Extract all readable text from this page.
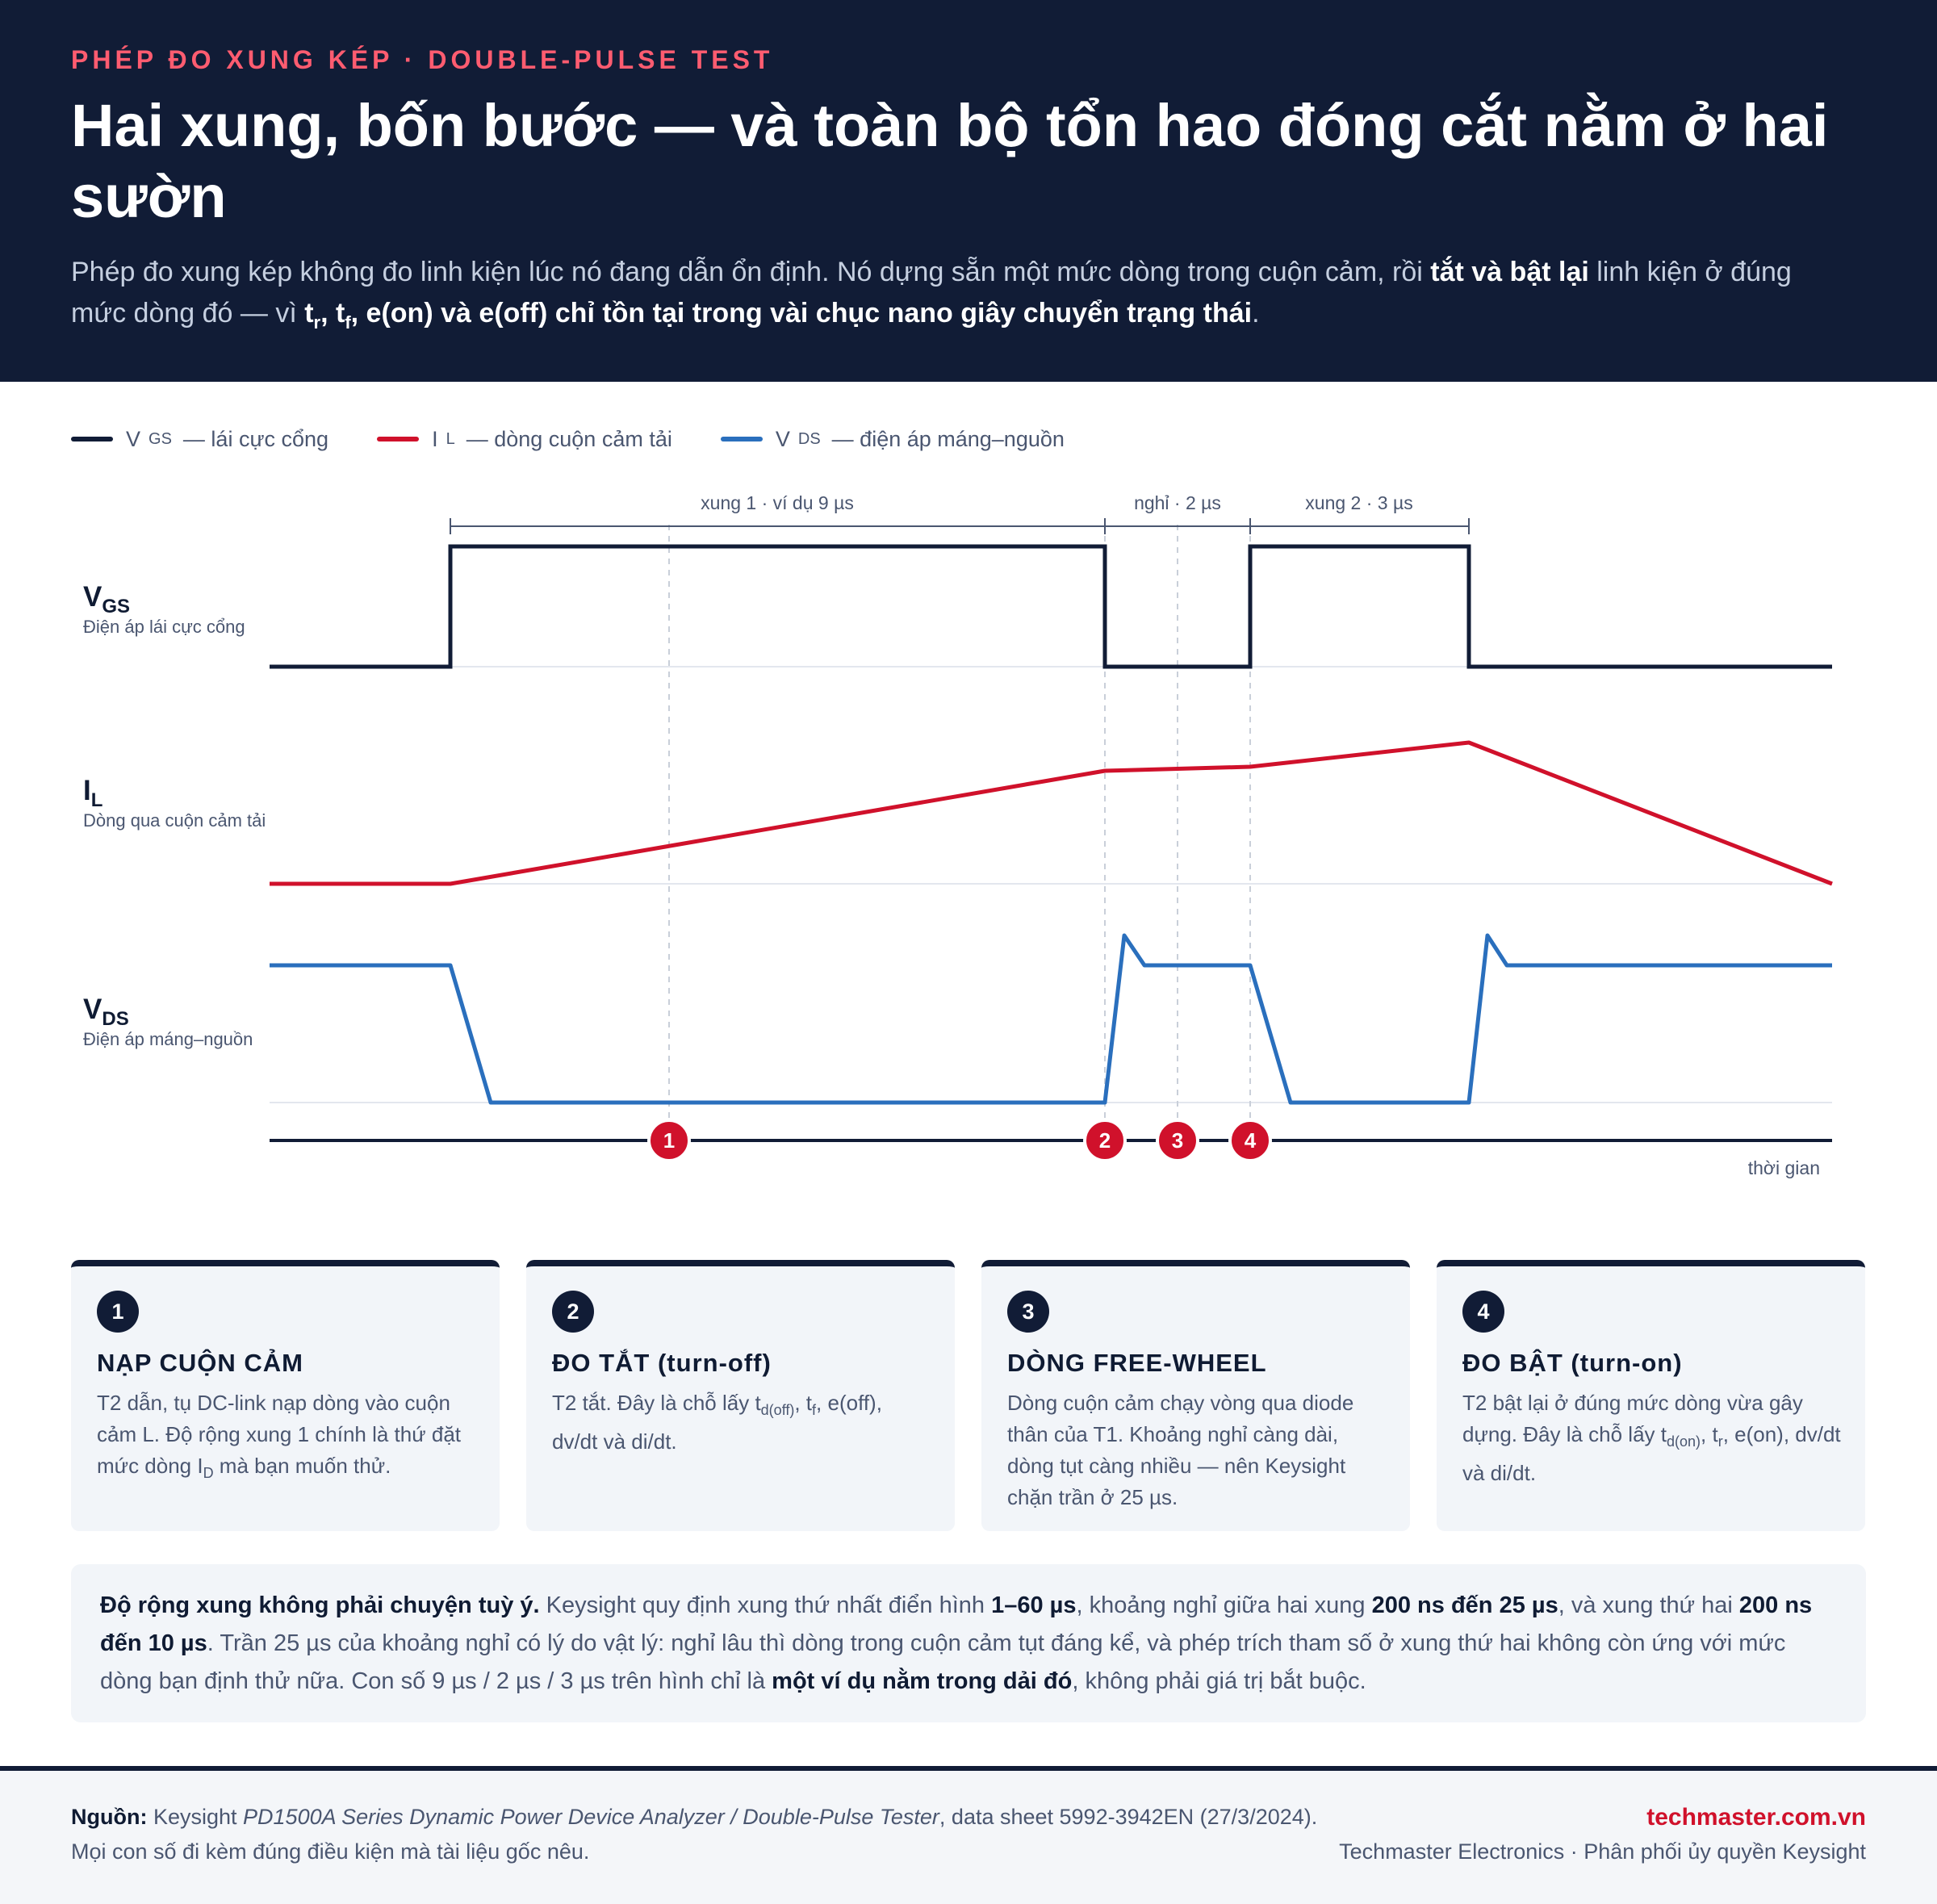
PHÉP ĐO XUNG KÉP · DOUBLE-PULSE TEST
Hai xung, bốn bước — và toàn bộ tổn hao đóng cắt nằm ở hai sườn
Phép đo xung kép không đo linh kiện lúc nó đang dẫn ổn định. Nó dựng sẵn một mức dòng trong cuộn cảm, rồi tắt và bật lại linh kiện ở đúng mức dòng đó — vì $t_r$, $t_f$, e(on) và e(off) chỉ tồn tại trong vài chục nano giây chuyển trạng thái.
V GS — lái cực cổng	I L — dòng cuộn cảm tải	V DS — điện áp máng–nguồn
xung 1 · ví dụ 9 µs	nghỉ · 2 µs	xung 2 · 3 µs
$V_{GS}$
Điện áp lái cực cổng
$I_L$
Dòng qua cuộn cảm tải
$V_{DS}$
Điện áp máng–nguồn
thời gian
1	2	3	4
1
NẠP CUỘN CẢM
T2 dẫn, tụ DC-link nạp dòng vào cuộn cảm L. Độ rộng xung 1 chính là thứ đặt mức dòng $I_D$ mà bạn muốn thử.
2
ĐO TẮT (turn-off)
T2 tắt. Đây là chỗ lấy $t_{d(off)}$, $t_f$, e(off), dv/dt và di/dt.
3
DÒNG FREE-WHEEL
Dòng cuộn cảm chạy vòng qua diode thân của T1. Khoảng nghỉ càng dài, dòng tụt càng nhiều — nên Keysight chặn trần ở 25 µs.
4
ĐO BẬT (turn-on)
T2 bật lại ở đúng mức dòng vừa gây dựng. Đây là chỗ lấy $t_{d(on)}$, $t_r$, e(on), dv/dt và di/dt.
Độ rộng xung không phải chuyện tuỳ ý. Keysight quy định xung thứ nhất điển hình 1–60 µs, khoảng nghỉ giữa hai xung 200 ns đến 25 µs, và xung thứ hai 200 ns đến 10 µs. Trần 25 µs của khoảng nghỉ có lý do vật lý: nghỉ lâu thì dòng trong cuộn cảm tụt đáng kể, và phép trích tham số ở xung thứ hai không còn ứng với mức dòng bạn định thử nữa. Con số 9 µs / 2 µs / 3 µs trên hình chỉ là một ví dụ nằm trong dải đó, không phải giá trị bắt buộc.
Nguồn: Keysight PD1500A Series Dynamic Power Device Analyzer / Double-Pulse Tester, data sheet 5992-3942EN (27/3/2024).
Mọi con số đi kèm đúng điều kiện mà tài liệu gốc nêu.
techmaster.com.vn
Techmaster Electronics · Phân phối ủy quyền Keysight
